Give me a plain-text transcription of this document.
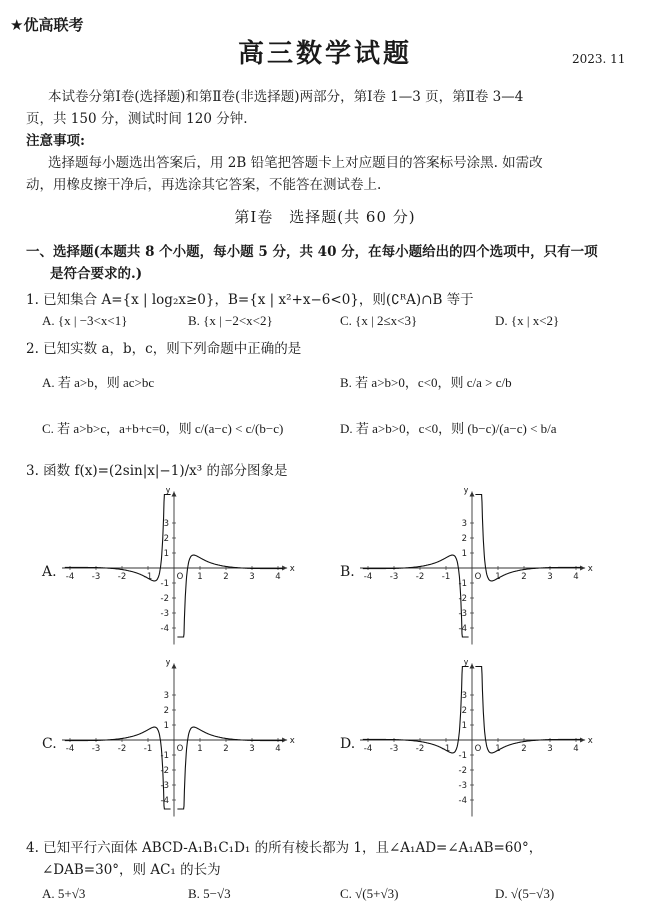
★优高联考
高三数学试题	2023. 11
本试卷分第Ⅰ卷(选择题)和第Ⅱ卷(非选择题)两部分，第Ⅰ卷 1—3 页，第Ⅱ卷 3—4
页，共 150 分，测试时间 120 分钟.
注意事项:
选择题每小题选出答案后，用 2B 铅笔把答题卡上对应题目的答案标号涂黑. 如需改
动，用橡皮擦干净后，再选涂其它答案，不能答在测试卷上.
第Ⅰ卷　选择题(共 60 分)
一、选择题(本题共 8 个小题，每小题 5 分，共 40 分，在每小题给出的四个选项中，只有一项
是符合要求的.)
1. 已知集合 A={x | log₂x≥0}，B={x | x²+x−6<0}，则(∁ᴿA)∩B 等于
A. {x | −3<x<1}	B. {x | −2<x<2}	C. {x | 2≤x<3}	D. {x | x<2}
2. 已知实数 a，b，c，则下列命题中正确的是
A. 若 a>b，则 ac>bc	B. 若 a>b>0，c<0，则 c/a > c/b
C. 若 a>b>c，a+b+c=0，则 c/(a−c) < c/(b−c)	D. 若 a>b>0，c<0，则 (b−c)/(a−c) < b/a
3. 函数 f(x)=(2sin|x|−1)/x³ 的部分图象是
A.	B.
C.	D.
-4 -3 -2 -1	1 2 3 4
3
2
1
-1
-2
-3
-4
x
y
O	-4 -3 -2 -1	1 2 3 4
3
2
1
-1
-2
-3
-4
x
y
O
-4 -3 -2 -1	1 2 3 4
3
2
1
-1
-2
-3
-4
x
y
O	-4 -3 -2 -1	1 2 3 4
3
2
1
-1
-2
-3
-4
x
y
O
4. 已知平行六面体 ABCD-A₁B₁C₁D₁ 的所有棱长都为 1，且∠A₁AD=∠A₁AB=60°，
∠DAB=30°，则 AC₁ 的长为
A. 5+√3	B. 5−√3	C. √(5+√3)	D. √(5−√3)
